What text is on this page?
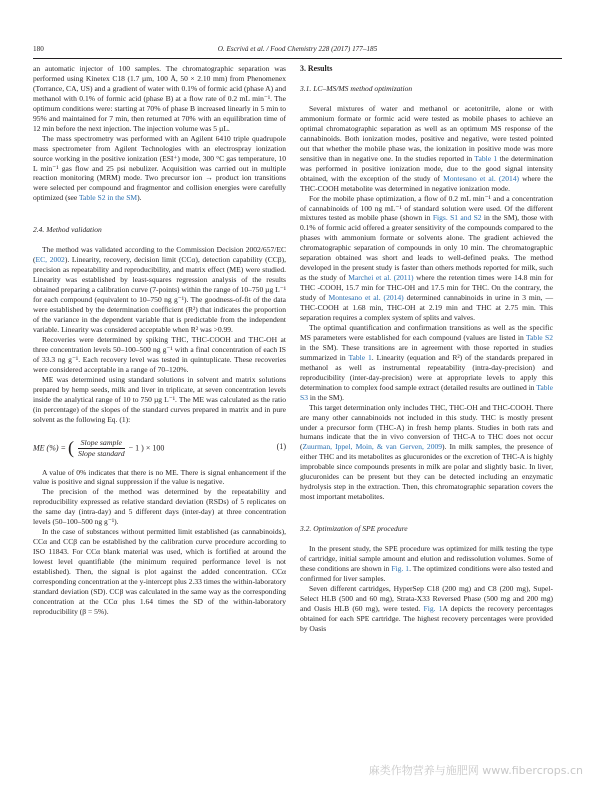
180	O. Escrivá et al. / Food Chemistry 228 (2017) 177–185

an automatic injector of 100 samples. The chromatographic separation was performed using Kinetex C18 (1.7 µm, 100 Å, 50 × 2.10 mm) from Phenomenex (Torrance, CA, US) and a gradient of water with 0.1% of formic acid (phase A) and methanol with 0.1% of formic acid (phase B) at a flow rate of 0.2 mL min⁻¹. The optimum conditions were: starting at 70% of phase B increased linearly in 5 min to 95% and maintained for 7 min, then returned at 70% with an equilibration time of 12 min before the next injection. The injection volume was 5 µL.

The mass spectrometry was performed with an Agilent 6410 triple quadrupole mass spectrometer from Agilent Technologies with an electrospray ionization source working in the positive ionization (ESI⁺) mode, 300 °C gas temperature, 10 L min⁻¹ gas flow and 25 psi nebulizer. Acquisition was carried out in multiple reaction monitoring (MRM) mode. Two precursor ion → product ion transitions were selected per compound and fragmentor and collision energies were carefully optimized (see Table S2 in the SM).

2.4. Method validation

The method was validated according to the Commission Decision 2002/657/EC (EC, 2002). Linearity, recovery, decision limit (CCα), detection capability (CCβ), precision as repeatability and reproducibility, and matrix effect (ME) were studied. Linearity was established by least-squares regression analysis of the results obtained preparing a calibration curve (7-points) within the range of 10–750 µg L⁻¹ for each compound (equivalent to 10–750 ng g⁻¹). The goodness-of-fit of the data were established by the determination coefficient (R²) that indicates the proportion of the variance in the dependent variable that is predictable from the independent variable. Linearity was considered acceptable when R² was >0.99.

Recoveries were determined by spiking THC, THC-COOH and THC-OH at three concentration levels 50–100–500 ng g⁻¹ with a final concentration of each IS of 33.3 ng g⁻¹. Each recovery level was tested in quintuplicate. These recoveries were considered acceptable in a range of 70–120%.

ME was determined using standard solutions in solvent and matrix solutions prepared by hemp seeds, milk and liver in triplicate, at seven concentration levels inside the analytical range of 10 to 750 µg L⁻¹. The ME was calculated as the ratio (in percentage) of the slopes of the standard curves prepared in matrix and in pure solvent as the following Eq. (1):

ME (%) = ( $\frac{\text{Slope sample}}{\text{Slope standard}} - 1$ ) × 100	(1)

A value of 0% indicates that there is no ME. There is signal enhancement if the value is positive and signal suppression if the value is negative.

The precision of the method was determined by the repeatability and reproducibility expressed as relative standard deviation (RSDs) of 5 replicates on the same day (intra-day) and 5 different days (inter-day) at three concentration levels (50–100–500 ng g⁻¹).

In the case of substances without permitted limit established (as cannabinoids), CCα and CCβ can be established by the calibration curve procedure according to ISO 11843. For CCα blank material was used, which is fortified at around the lowest level quantifiable (the minimum required performance level is not established). Then, the signal is plot against the added concentration. CCα corresponding concentration at the y-intercept plus 2.33 times the within-laboratory standard deviation (SD). CCβ was calculated in the same way as the corresponding concentration at the CCα plus 1.64 times the SD of the within-laboratory reproducibility (β = 5%).

3. Results
3.1. LC–MS/MS method optimization

Several mixtures of water and methanol or acetonitrile, alone or with ammonium formate or formic acid were tested as mobile phases to achieve an optimal chromatographic separation as well as an optimum MS response of the cannabinoids. Both ionization modes, positive and negative, were tested pointed out that whether the mobile phase was, the ionization in positive mode was more sensitive than in negative one. In the studies reported in Table 1 the determination was performed in positive ionization mode, due to the good signal intensity obtained, with the exception of the study of Montesano et al. (2014) where the THC-COOH metabolite was determined in negative ionization mode.

For the mobile phase optimization, a flow of 0.2 mL min⁻¹ and a concentration of cannabinoids of 100 ng mL⁻¹ of standard solution were used. Of the different mixtures tested as mobile phase (shown in Figs. S1 and S2 in the SM), those with 0.1% of formic acid offered a greater sensitivity of the compounds compared to the phases with ammonium formate or solvents alone. The gradient achieved the chromatographic separation of compounds in only 10 min. The chromatographic separation obtained was short and leads to well-defined peaks. The method developed in the present study is faster than others methods reported for milk, such as the study of Marchei et al. (2011) where the retention times were 14.8 min for THC -COOH, 15.7 min for THC-OH and 17.5 min for THC. On the contrary, the study of Montesano et al. (2014) determined cannabinoids in urine in 3 min, — THC-COOH at 1.68 min, THC-OH at 2.19 min and THC at 2.75 min. This separation requires a complex system of splits and valves.

The optimal quantification and confirmation transitions as well as the specific MS parameters were established for each compound (values are listed in Table S2 in the SM). These transitions are in agreement with those reported in studies summarized in Table 1. Linearity (equation and R²) of the standards prepared in methanol as well as instrumental repeatability (intra-day-precision) and reproducibility (inter-day-precision) were at appropriate levels to apply this determination to complex food sample extract (detailed results are outlined in Table S3 in the SM).

This target determination only includes THC, THC-OH and THC-COOH. There are many other cannabinoids not included in this study. THC is mostly present under a precursor form (THC-A) in fresh hemp plants. Studies in both rats and humans indicate that the in vivo conversion of THC-A to THC does not occur (Zuurman, Ippel, Moin, & van Gerven, 2009). In milk samples, the presence of either THC and its metabolites as glucuronides or the excretion of THC-A is highly improbable since compounds presents in milk are polar and slightly basic. In liver, glucuronides can be present but they can be detected including an enzymatic hydrolysis step in the extraction. Then, this chromatographic separation covers the most important metabolites.

3.2. Optimization of SPE procedure

In the present study, the SPE procedure was optimized for milk testing the type of cartridge, initial sample amount and elution and redissolution volumes. Some of these conditions are shown in Fig. 1. The optimized conditions were also tested and confirmed for liver samples.

Seven different cartridges, HyperSep C18 (200 mg) and C8 (200 mg), Supel-Select HLB (500 and 60 mg), Strata-X33 Reversed Phase (500 mg and 200 mg) and Oasis HLB (60 mg), were tested. Fig. 1A depicts the recovery percentages obtained for each SPE cartridge. The highest recovery percentages were provided by Oasis

麻类作物营养与施肥网 www.fibercrops.cn
